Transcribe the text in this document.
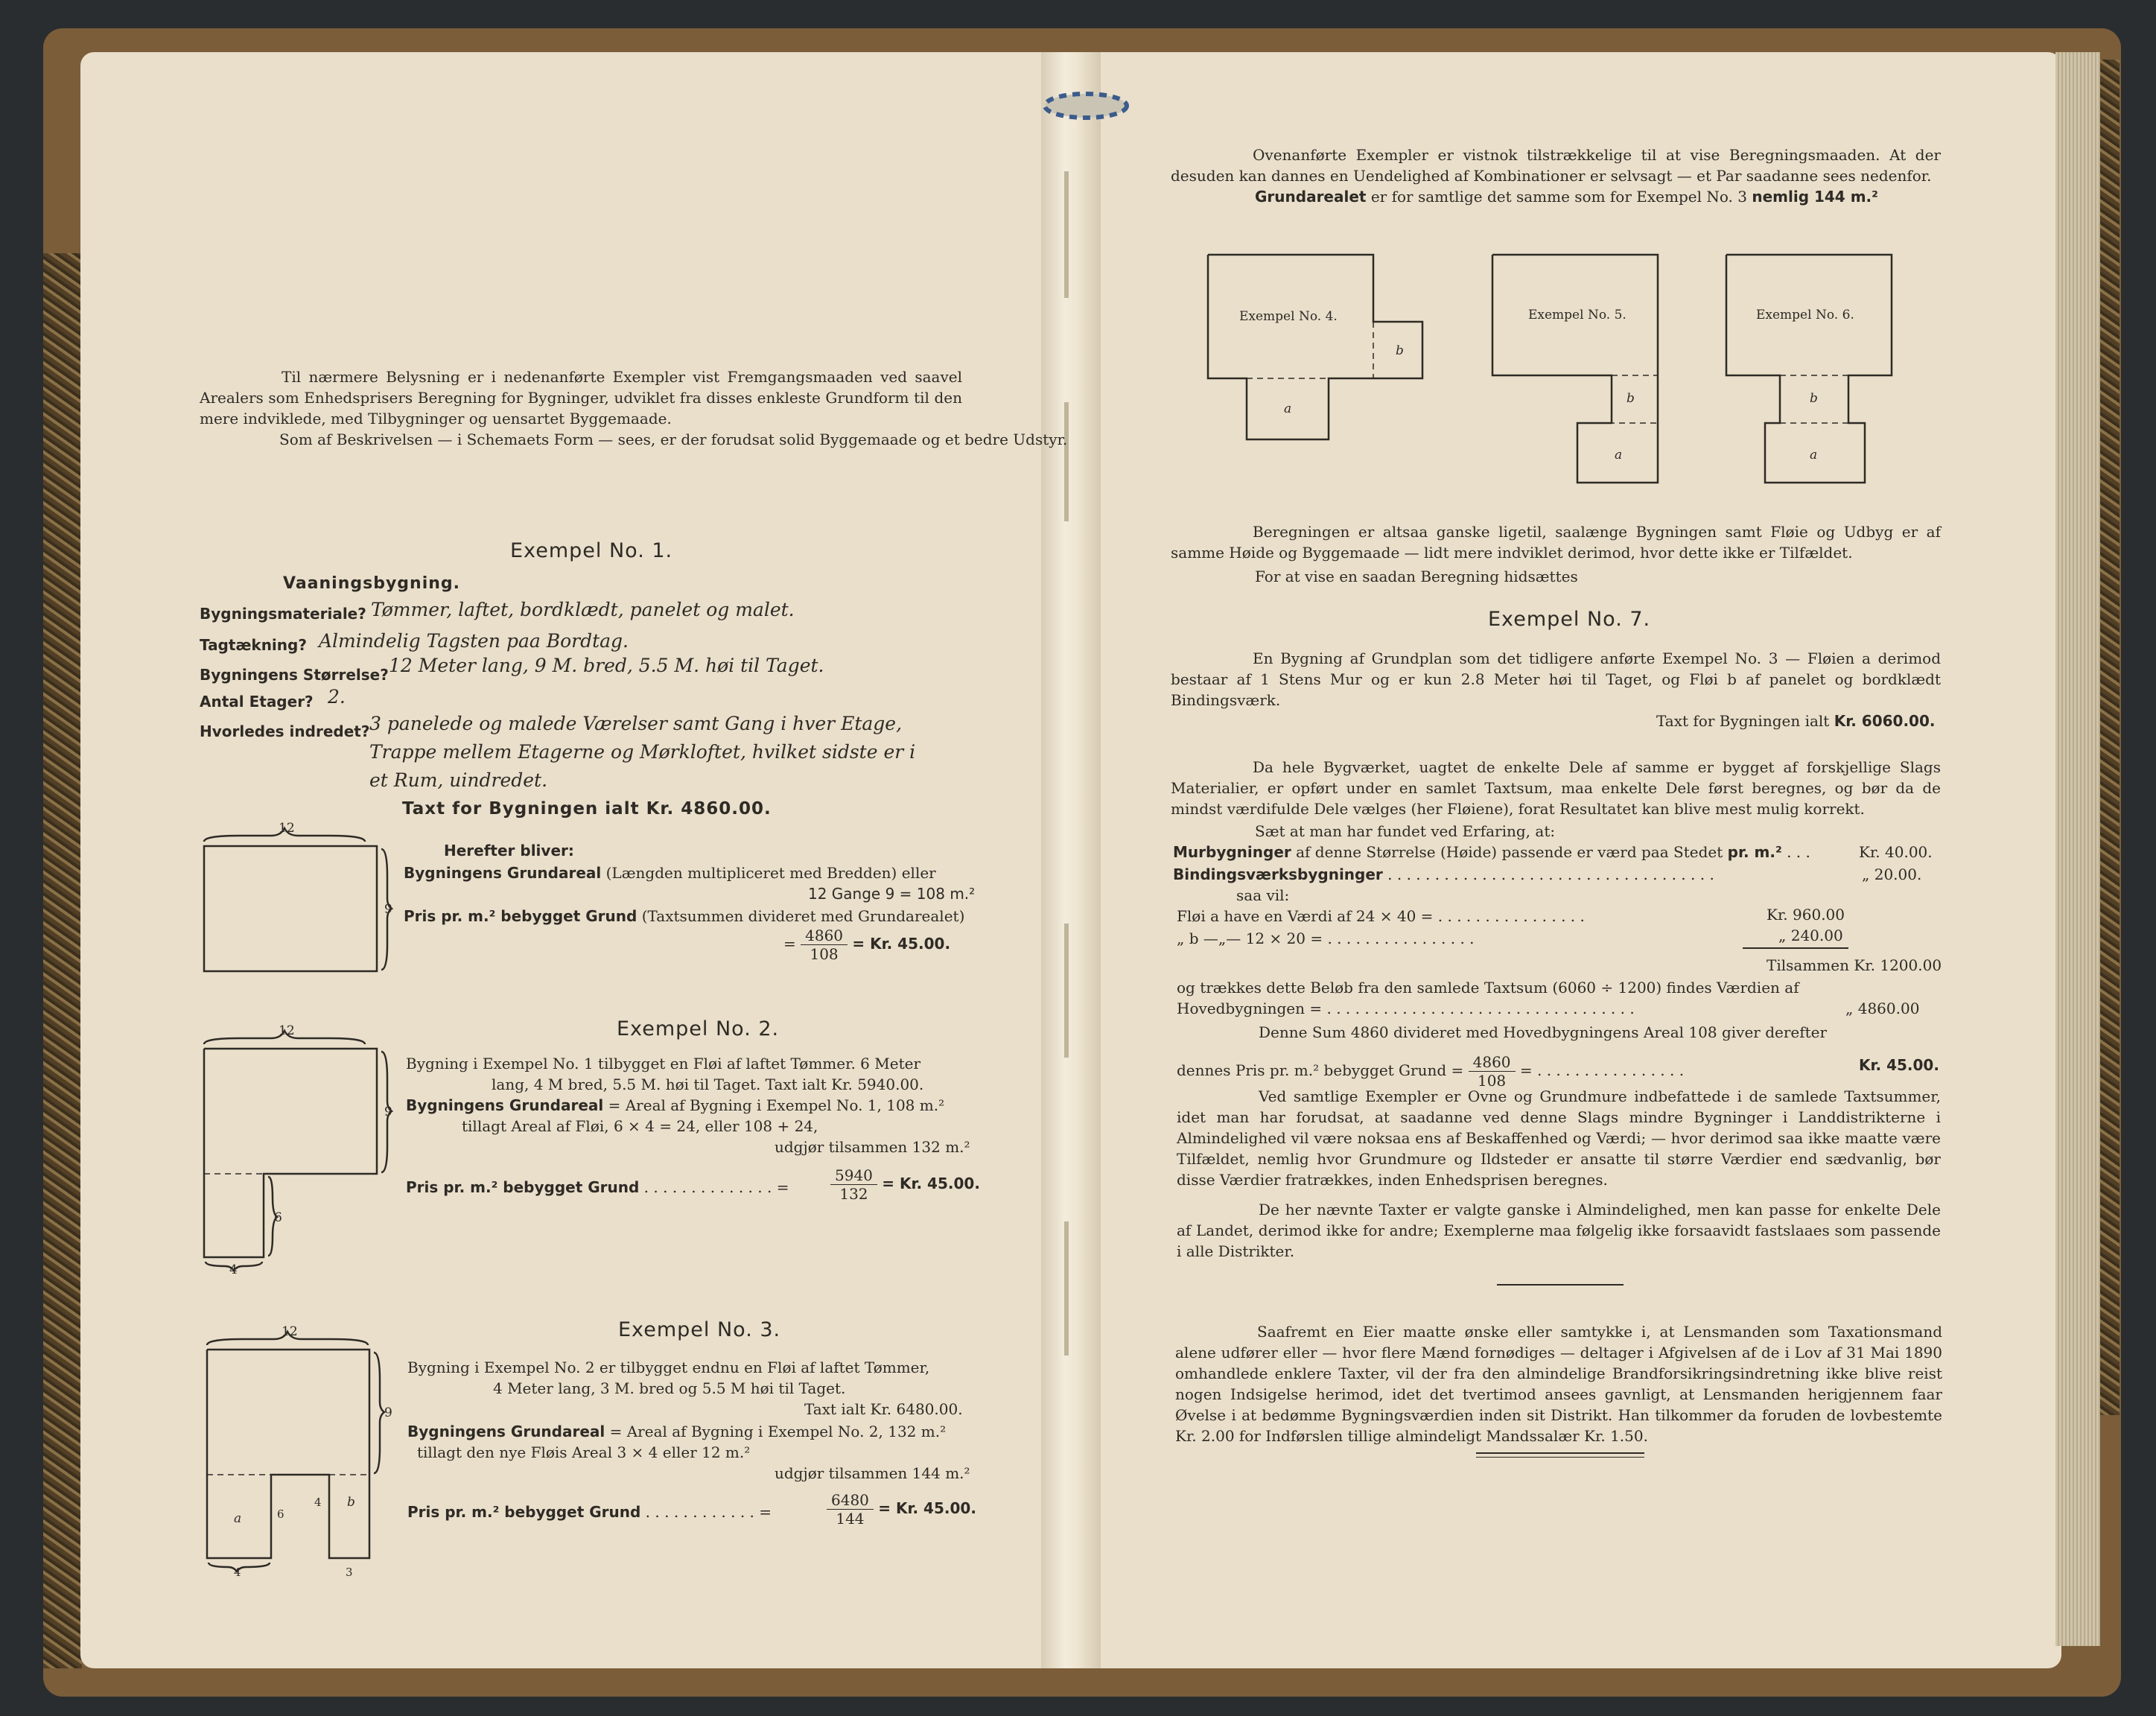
Til nærmere Belysning er i nedenanførte Exempler vist Fremgangsmaaden ved saavel Arealers som Enhedsprisers Beregning for Bygninger, udviklet fra disses enkleste Grundform til den mere indviklede, med Tilbygninger og uensartet Byggemaade.
Som af Beskrivelsen — i Schemaets Form — sees, er der forudsat solid Byggemaade og et bedre Udstyr.
Exempel No. 1.
Vaaningsbygning.
Bygningsmateriale? Tømmer, laftet, bordklædt, panelet og malet.
Tagtækning? Almindelig Tagsten paa Bordtag.
Bygningens Størrelse? 12 Meter lang, 9 M. bred, 5.5 M. høi til Taget.
Antal Etager? 2.
Hvorledes indredet? 3 panelede og malede Værelser samt Gang i hver Etage,
Trappe mellem Etagerne og Mørkloftet, hvilket sidste er i
et Rum, uindredet.
Taxt for Bygningen ialt Kr. 4860.00.
12
9
Herefter bliver:
Bygningens Grundareal (Længden multipliceret med Bredden) eller
12 Gange 9 = 108 m.²
Pris pr. m.² bebygget Grund (Taxtsummen divideret med Grundarealet)
= $\frac{4860}{108} = Kr$. 45.00.
Exempel No. 2.
12
9
6
4
Bygning i Exempel No. 1 tilbygget en Fløi af laftet Tømmer. 6 Meter
lang, 4 M bred, 5.5 M. høi til Taget. Taxt ialt Kr. 5940.00.
Bygningens Grundareal = Areal af Bygning i Exempel No. 1, 108 m.²
tillagt Areal af Fløi, 6 × 4 = 24, eller 108 + 24,
udgjør tilsammen 132 m.²
Pris pr. m.² bebygget Grund . . . . . . . . . . . . . . =	$\frac{5940}{132} = Kr$. 45.00.
Exempel No. 3.
12
9
a
b
6
4
4	3
Bygning i Exempel No. 2 er tilbygget endnu en Fløi af laftet Tømmer,
4 Meter lang, 3 M. bred og 5.5 M høi til Taget.
Taxt ialt Kr. 6480.00.
Bygningens Grundareal = Areal af Bygning i Exempel No. 2, 132 m.²
tillagt den nye Fløis Areal 3 × 4 eller 12 m.²
udgjør tilsammen 144 m.²
Pris pr. m.² bebygget Grund . . . . . . . . . . . . =	$\frac{6480}{144} = Kr$. 45.00.
Ovenanførte Exempler er vistnok tilstrækkelige til at vise Beregningsmaaden. At der desuden kan dannes en Uendelighed af Kombinationer er selvsagt — et Par saadanne sees nedenfor.
Grundarealet er for samtlige det samme som for Exempel No. 3 nemlig 144 m.²
Exempel No. 4.
b
a
Exempel No. 5.
b
a
Exempel No. 6.
b
a
Beregningen er altsaa ganske ligetil, saalænge Bygningen samt Fløie og Udbyg er af samme Høide og Byggemaade — lidt mere indviklet derimod, hvor dette ikke er Tilfældet.
For at vise en saadan Beregning hidsættes
Exempel No. 7.
En Bygning af Grundplan som det tidligere anførte Exempel No. 3 — Fløien a derimod bestaar af 1 Stens Mur og er kun 2.8 Meter høi til Taget, og Fløi b af panelet og bordklædt Bindingsværk.
Taxt for Bygningen ialt Kr. 6060.00.
Da hele Bygværket, uagtet de enkelte Dele af samme er bygget af forskjellige Slags Materialier, er opført under en samlet Taxtsum, maa enkelte Dele først beregnes, og bør da de mindst værdifulde Dele vælges (her Fløiene), forat Resultatet kan blive mest mulig korrekt.
Sæt at man har fundet ved Erfaring, at:
Murbygninger af denne Størrelse (Høide) passende er værd paa Stedet pr. m.² . . .	Kr. 40.00.
Bindingsværksbygninger . . . . . . . . . . . . . . . . . . . . . . . . . . . . . . . . . . .	„ 20.00.
saa vil:
Fløi a have en Værdi af 24 × 40 = . . . . . . . . . . . . . . . .	Kr. 960.00
„ b —„— 12 × 20 = . . . . . . . . . . . . . . . .	„ 240.00
Tilsammen Kr. 1200.00
og trækkes dette Beløb fra den samlede Taxtsum (6060 ÷ 1200) findes Værdien af
Hovedbygningen = . . . . . . . . . . . . . . . . . . . . . . . . . . . . . . . . .	„ 4860.00
Denne Sum 4860 divideret med Hovedbygningens Areal 108 giver derefter
dennes Pris pr. m.² bebygget Grund = $\frac{4860}{108}$ = . . . . . . . . . . . . . . . .	Kr. 45.00.
Ved samtlige Exempler er Ovne og Grundmure indbefattede i de samlede Taxtsummer, idet man har forudsat, at saadanne ved denne Slags mindre Bygninger i Landdistrikterne i Almindelighed vil være noksaa ens af Beskaffenhed og Værdi; — hvor derimod saa ikke maatte være Tilfældet, nemlig hvor Grundmure og Ildsteder er ansatte til større Værdier end sædvanlig, bør disse Værdier fratrækkes, inden Enhedsprisen beregnes.
De her nævnte Taxter er valgte ganske i Almindelighed, men kan passe for enkelte Dele af Landet, derimod ikke for andre; Exemplerne maa følgelig ikke forsaavidt fastslaaes som passende i alle Distrikter.
Saafremt en Eier maatte ønske eller samtykke i, at Lensmanden som Taxationsmand alene udfører eller — hvor flere Mænd fornødiges — deltager i Afgivelsen af de i Lov af 31 Mai 1890 omhandlede enklere Taxter, vil der fra den almindelige Brandforsikringsindretning ikke blive reist nogen Indsigelse herimod, idet det tvertimod ansees gavnligt, at Lensmanden herigjennem faar Øvelse i at bedømme Bygningsværdien inden sit Distrikt. Han tilkommer da foruden de lovbestemte Kr. 2.00 for Indførslen tillige almindeligt Mandssalær Kr. 1.50.
